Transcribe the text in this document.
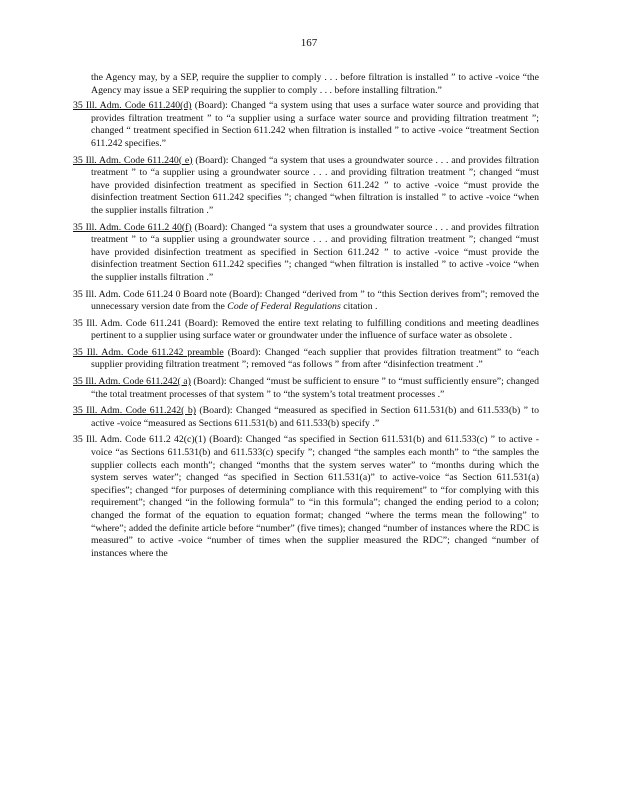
167

the Agency may, by a SEP, require the supplier to comply . . . before filtration is installed ” to active -voice “the Agency may issue a SEP requiring the supplier to comply . . . before installing filtration.”

35 Ill. Adm. Code 611.240(d) (Board): Changed “a system using that uses a surface water source and providing that provides filtration treatment ” to “a supplier using a surface water source and providing filtration treatment ”; changed “ treatment specified in Section 611.242 when filtration is installed ” to active -voice “treatment Section 611.242 specifies.”

35 Ill. Adm. Code 611.240( e) (Board): Changed “a system that uses a groundwater source . . . and provides filtration treatment ” to “a supplier using a groundwater source . . . and providing filtration treatment ”; changed “must have provided disinfection treatment as specified in Section 611.242 ” to active -voice “must provide the disinfection treatment Section 611.242 specifies ”; changed “when filtration is installed ” to active -voice “when the supplier installs filtration .”

35 Ill. Adm. Code 611.2 40(f) (Board): Changed “a system that uses a groundwater source . . . and provides filtration treatment ” to “a supplier using a groundwater source . . . and providing filtration treatment ”; changed “must have provided disinfection treatment as specified in Section 611.242 ” to active -voice “must provide the disinfection treatment Section 611.242 specifies ”; changed “when filtration is installed ” to active -voice “when the supplier installs filtration .”

35 Ill. Adm. Code 611.24 0 Board note (Board): Changed “derived from ” to “this Section derives from”; removed the unnecessary version date from the Code of Federal Regulations citation .

35 Ill. Adm. Code 611.241 (Board): Removed the entire text relating to fulfilling conditions and meeting deadlines pertinent to a supplier using surface water or groundwater under the influence of surface water as obsolete .

35 Ill. Adm. Code 611.242 preamble (Board): Changed “each supplier that provides filtration treatment” to “each supplier providing filtration treatment ”; removed “as follows ” from after “disinfection treatment .”

35 Ill. Adm. Code 611.242( a) (Board): Changed “must be sufficient to ensure ” to “must sufficiently ensure”; changed “the total treatment processes of that system ” to “the system’s total treatment processes .”

35 Ill. Adm. Code 611.242( b) (Board): Changed “measured as specified in Section 611.531(b) and 611.533(b) ” to active -voice “measured as Sections 611.531(b) and 611.533(b) specify .”

35 Ill. Adm. Code 611.2 42(c)(1) (Board): Changed “as specified in Section 611.531(b) and 611.533(c) ” to active -voice “as Sections 611.531(b) and 611.533(c) specify ”; changed “the samples each month” to “the samples the supplier collects each month”; changed “months that the system serves water” to “months during which the system serves water”; changed “as specified in Section 611.531(a)” to active-voice “as Section 611.531(a) specifies”; changed “for purposes of determining compliance with this requirement” to “for complying with this requirement”; changed “in the following formula” to “in this formula”; changed the ending period to a colon; changed the format of the equation to equation format; changed “where the terms mean the following” to “where”; added the definite article before “number” (five times); changed “number of instances where the RDC is measured” to active -voice “number of times when the supplier measured the RDC”; changed “number of instances where the
